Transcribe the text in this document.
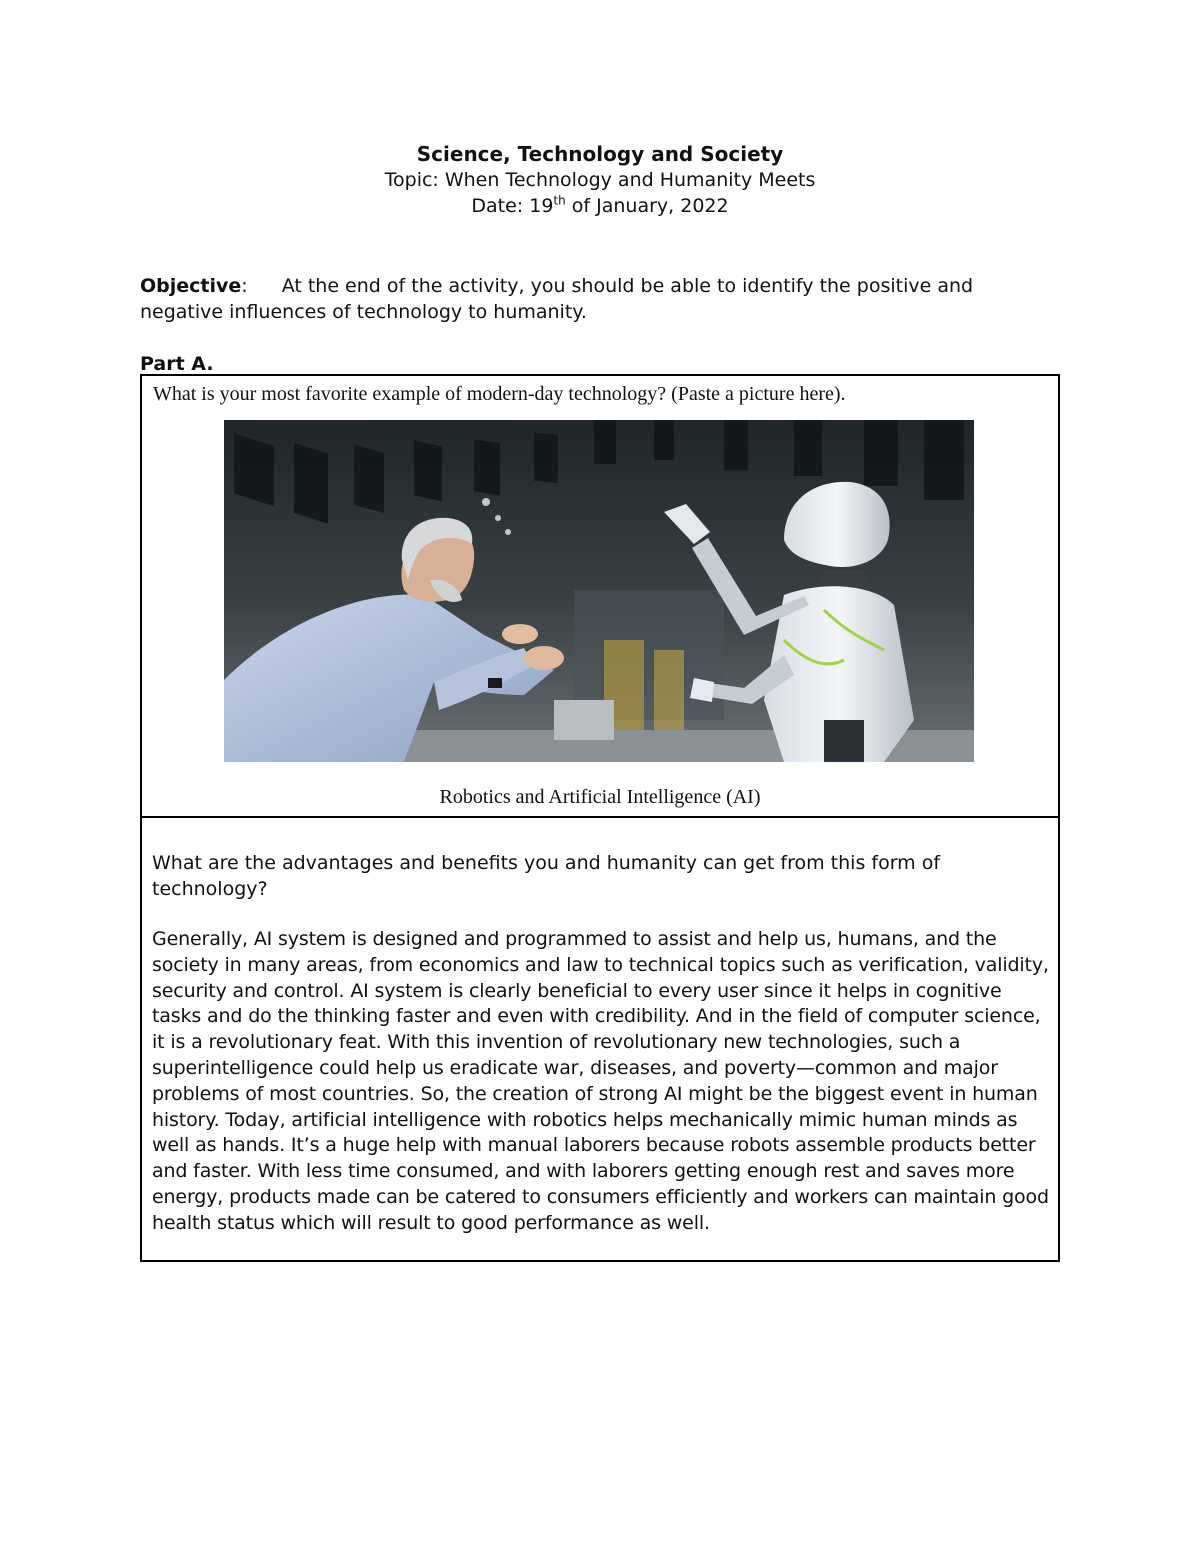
Science, Technology and Society

Topic: When Technology and Humanity Meets

Date: 19th of January, 2022

Objective: At the end of the activity, you should be able to identify the positive and negative influences of technology to humanity.
Part A.
What is your most favorite example of modern-day technology? (Paste a picture here).
Robotics and Artificial Intelligence (AI)

What are the advantages and benefits you and humanity can get from this form of technology?

Generally, AI system is designed and programmed to assist and help us, humans, and the society in many areas, from economics and law to technical topics such as verification, validity, security and control. AI system is clearly beneficial to every user since it helps in cognitive tasks and do the thinking faster and even with credibility. And in the field of computer science, it is a revolutionary feat. With this invention of revolutionary new technologies, such a superintelligence could help us eradicate war, diseases, and poverty—common and major problems of most countries. So, the creation of strong AI might be the biggest event in human history. Today, artificial intelligence with robotics helps mechanically mimic human minds as well as hands. It’s a huge help with manual laborers because robots assemble products better and faster. With less time consumed, and with laborers getting enough rest and saves more energy, products made can be catered to consumers efficiently and workers can maintain good health status which will result to good performance as well.
